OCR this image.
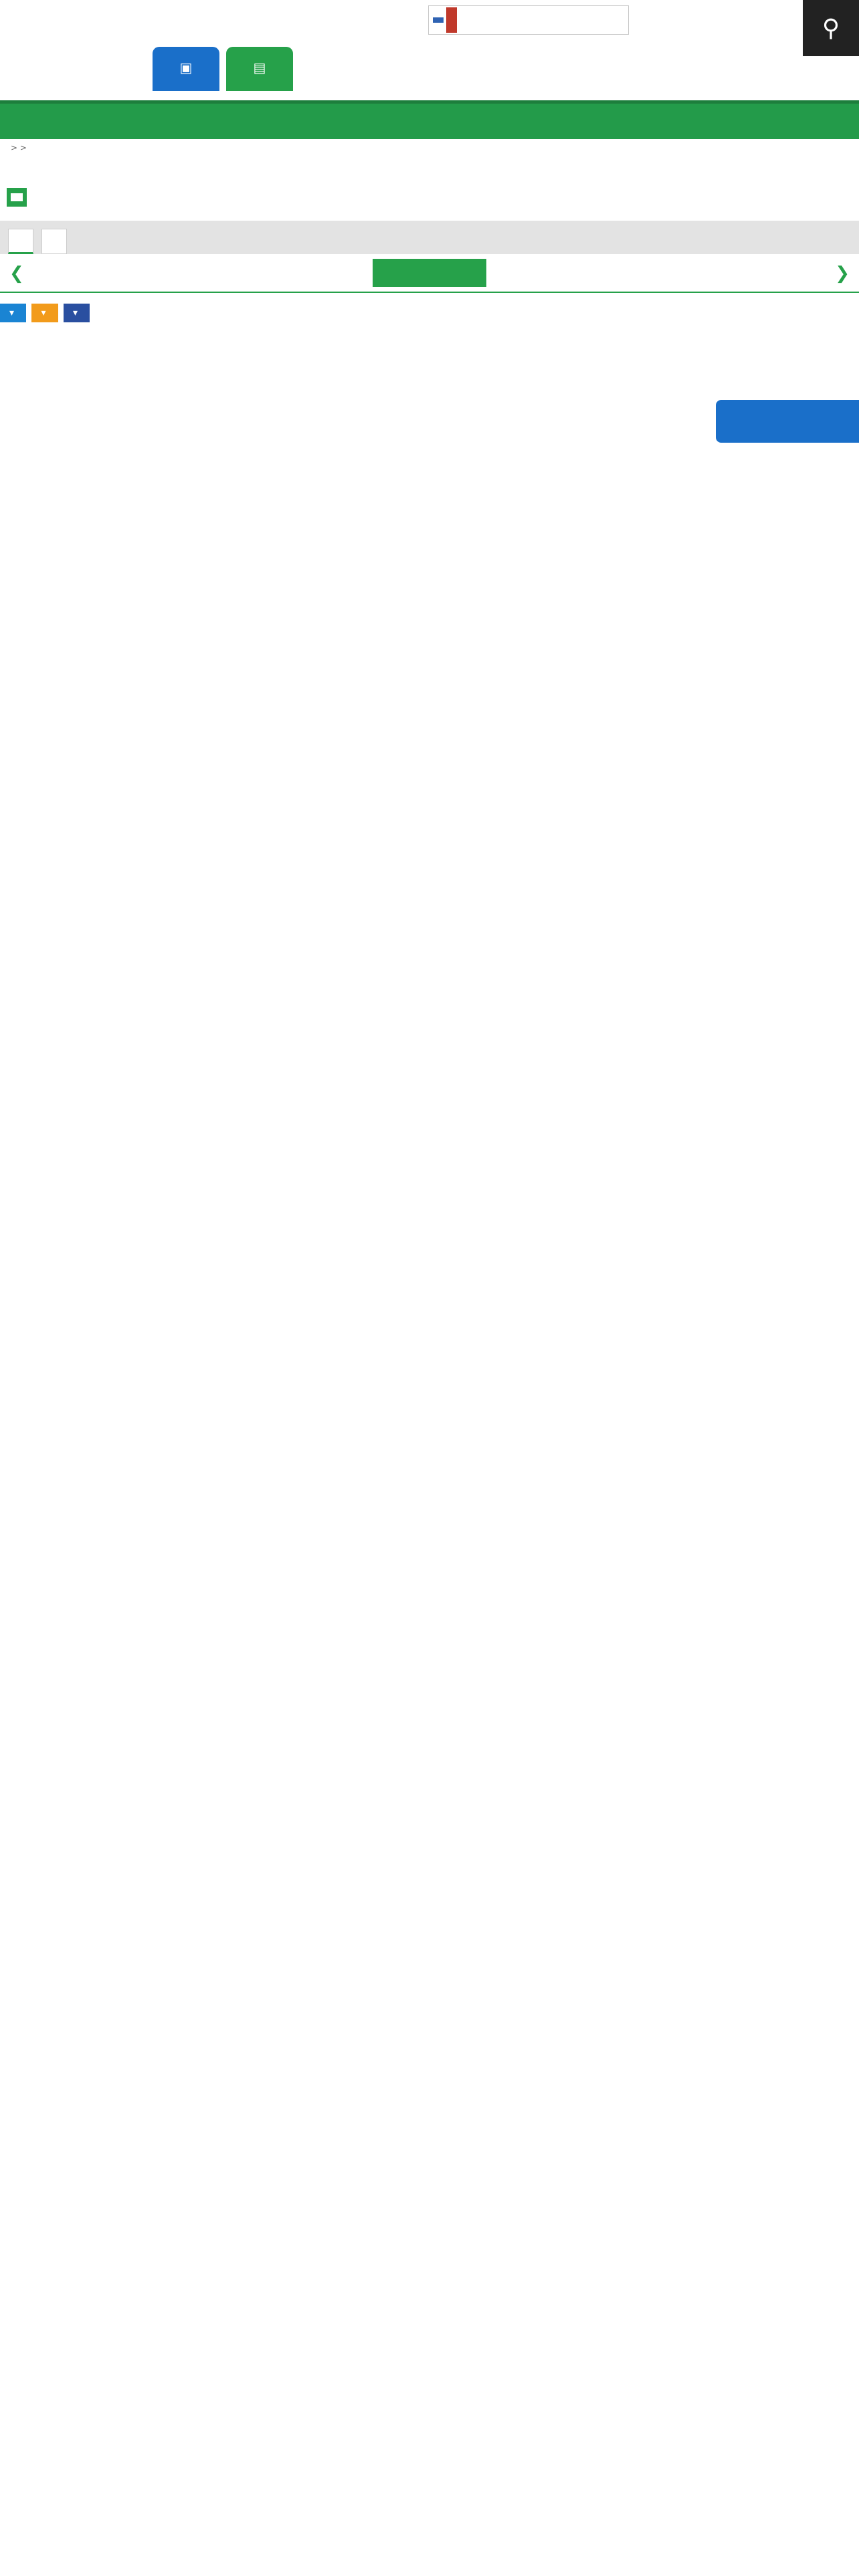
⚲
▣	▤
> >
❮	❯
▾	▾	▾
